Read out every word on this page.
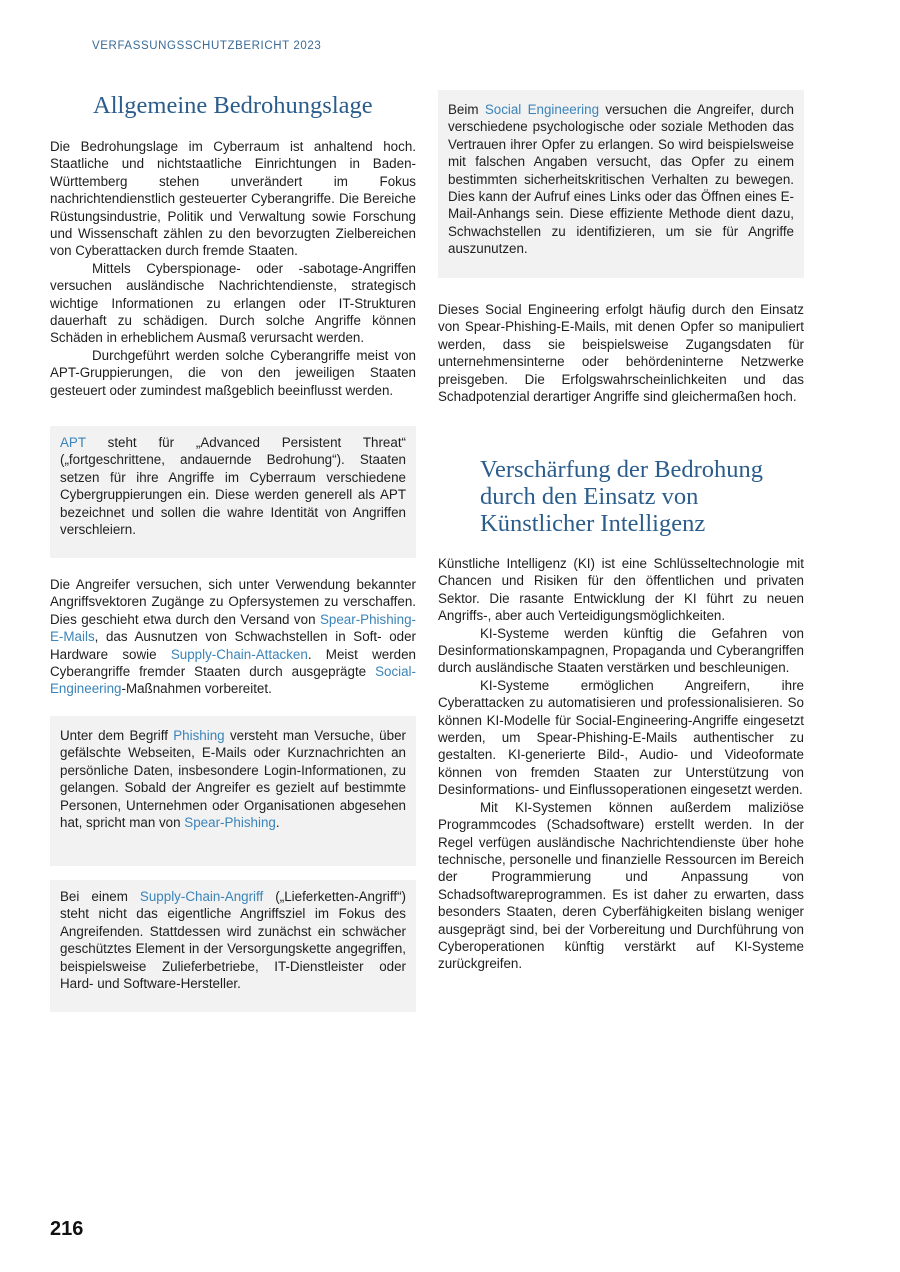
VERFASSUNGSSCHUTZBERICHT 2023
Allgemeine Bedrohungslage

Die Bedrohungslage im Cyberraum ist anhaltend hoch. Staatliche und nichtstaatliche Einrichtungen in Baden-Württemberg stehen unverändert im Fokus nachrichtendienstlich gesteuerter Cyberangriffe. Die Bereiche Rüstungsindustrie, Politik und Verwaltung sowie Forschung und Wissenschaft zählen zu den bevorzugten Zielbereichen von Cyberattacken durch fremde Staaten.

Mittels Cyberspionage- oder -sabotage-Angriffen versuchen ausländische Nachrichtendienste, strategisch wichtige Informationen zu erlangen oder IT-Strukturen dauerhaft zu schädigen. Durch solche Angriffe können Schäden in erheblichem Ausmaß verursacht werden.

Durchgeführt werden solche Cyberangriffe meist von APT-Gruppierungen, die von den jeweiligen Staaten gesteuert oder zumindest maßgeblich beeinflusst werden.

APT steht für „Advanced Persistent Threat“ („fortgeschrittene, andauernde Bedrohung“). Staaten setzen für ihre Angriffe im Cyberraum verschiedene Cybergruppierungen ein. Diese werden generell als APT bezeichnet und sollen die wahre Identität von Angriffen verschleiern.

Die Angreifer versuchen, sich unter Verwendung bekannter Angriffsvektoren Zugänge zu Opfersystemen zu verschaffen. Dies geschieht etwa durch den Versand von Spear-Phishing-E-Mails, das Ausnutzen von Schwachstellen in Soft- oder Hardware sowie Supply-Chain-Attacken. Meist werden Cyberangriffe fremder Staaten durch ausgeprägte Social-Engineering-Maßnahmen vorbereitet.

Unter dem Begriff Phishing versteht man Versuche, über gefälschte Webseiten, E-Mails oder Kurznachrichten an persönliche Daten, insbesondere Login-Informationen, zu gelangen. Sobald der Angreifer es gezielt auf bestimmte Personen, Unternehmen oder Organisationen abgesehen hat, spricht man von Spear-Phishing.

Bei einem Supply-Chain-Angriff („Lieferketten-Angriff“) steht nicht das eigentliche Angriffsziel im Fokus des Angreifenden. Stattdessen wird zunächst ein schwächer geschütztes Element in der Versorgungskette angegriffen, beispielsweise Zulieferbetriebe, IT-Dienstleister oder Hard- und Software-Hersteller.

Beim Social Engineering versuchen die Angreifer, durch verschiedene psychologische oder soziale Methoden das Vertrauen ihrer Opfer zu erlangen. So wird beispielsweise mit falschen Angaben versucht, das Opfer zu einem bestimmten sicherheitskritischen Verhalten zu bewegen. Dies kann der Aufruf eines Links oder das Öffnen eines E-Mail-Anhangs sein. Diese effiziente Methode dient dazu, Schwachstellen zu identifizieren, um sie für Angriffe auszunutzen.

Dieses Social Engineering erfolgt häufig durch den Einsatz von Spear-Phishing-E-Mails, mit denen Opfer so manipuliert werden, dass sie beispielsweise Zugangsdaten für unternehmensinterne oder behördeninterne Netzwerke preisgeben. Die Erfolgswahrscheinlichkeiten und das Schadpotenzial derartiger Angriffe sind gleichermaßen hoch.

Verschärfung der Bedrohung durch den Einsatz von Künstlicher Intelligenz

Künstliche Intelligenz (KI) ist eine Schlüsseltechnologie mit Chancen und Risiken für den öffentlichen und privaten Sektor. Die rasante Entwicklung der KI führt zu neuen Angriffs-, aber auch Verteidigungsmöglichkeiten.

KI-Systeme werden künftig die Gefahren von Desinformationskampagnen, Propaganda und Cyberangriffen durch ausländische Staaten verstärken und beschleunigen.

KI-Systeme ermöglichen Angreifern, ihre Cyberattacken zu automatisieren und professionalisieren. So können KI-Modelle für Social-Engineering-Angriffe eingesetzt werden, um Spear-Phishing-E-Mails authentischer zu gestalten. KI-generierte Bild-, Audio- und Videoformate können von fremden Staaten zur Unterstützung von Desinformations- und Einflussoperationen eingesetzt werden.

Mit KI-Systemen können außerdem maliziöse Programmcodes (Schadsoftware) erstellt werden. In der Regel verfügen ausländische Nachrichtendienste über hohe technische, personelle und finanzielle Ressourcen im Bereich der Programmierung und Anpassung von Schadsoftwareprogrammen. Es ist daher zu erwarten, dass besonders Staaten, deren Cyberfähigkeiten bislang weniger ausgeprägt sind, bei der Vorbereitung und Durchführung von Cyberoperationen künftig verstärkt auf KI-Systeme zurückgreifen.

216
